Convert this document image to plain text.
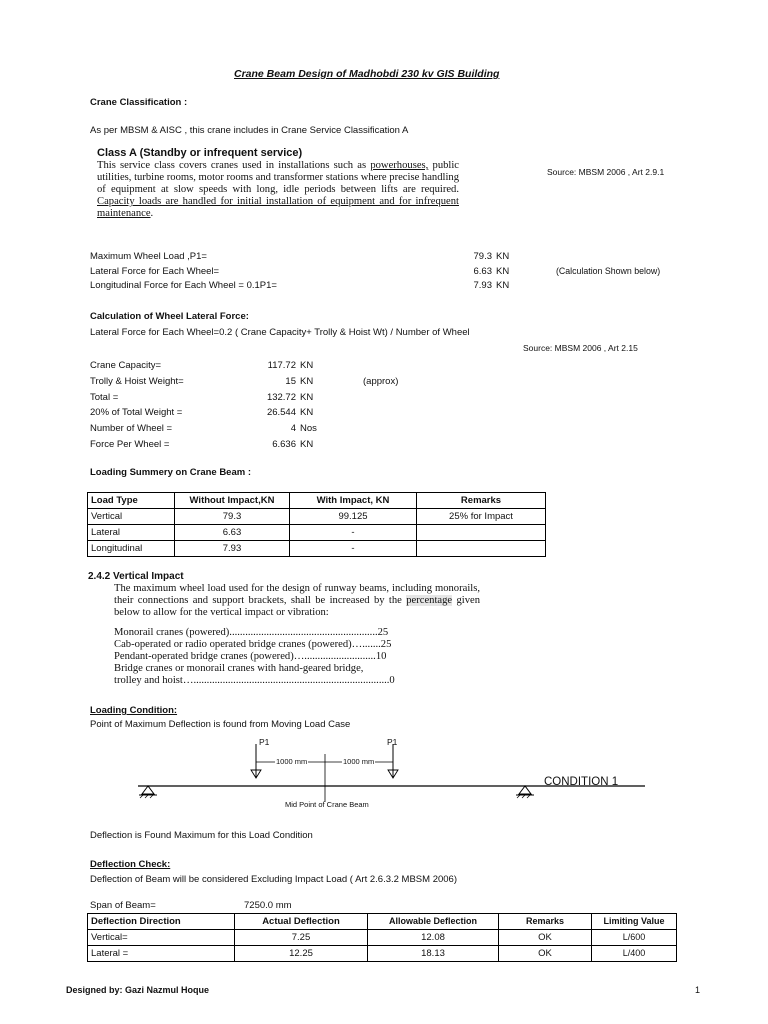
Crane Beam Design of Madhobdi 230 kv GIS Building
Crane Classification :
As per MBSM & AISC , this crane includes in Crane Service Classification A
Class A (Standby or infrequent service)
This service class covers cranes used in installations such as powerhouses, public utilities, turbine rooms, motor rooms and transformer stations where precise handling of equipment at slow speeds with long, idle periods between lifts are required. Capacity loads are handled for initial installation of equipment and for infrequent maintenance.
Source: MBSM 2006 , Art 2.9.1
Maximum Wheel Load ,P1=	79.3 KN
Lateral Force for Each Wheel=	6.63 KN	(Calculation Shown below)
Longitudinal Force for Each Wheel = 0.1P1=	7.93 KN
Calculation of Wheel Lateral Force:
Lateral Force for Each Wheel=0.2 ( Crane Capacity+ Trolly & Hoist Wt) / Number of Wheel
Source: MBSM 2006 , Art 2.15
Crane Capacity=	117.72 KN
Trolly & Hoist Weight=	15 KN	(approx)
Total =	132.72 KN
20% of Total Weight =	26.544 KN
Number of Wheel =	4 Nos
Force Per Wheel =	6.636 KN
Loading Summery on Crane Beam :
Load Type	Without Impact,KN	With Impact, KN	Remarks
Vertical	79.3	99.125	25% for Impact
Lateral	6.63	-	
Longitudinal	7.93	-	
2.4.2 Vertical Impact
The maximum wheel load used for the design of runway beams, including monorails, their connections and support brackets, shall be increased by the percentage given below to allow for the vertical impact or vibration:
Monorail cranes (powered)........................................................25
Cab-operated or radio operated bridge cranes (powered)….......25
Pendant-operated bridge cranes (powered)…...........................10
Bridge cranes or monorail cranes with hand-geared bridge,
trolley and hoist…..........................................................................0
Loading Condition:
Point of Maximum Deflection is found from Moving Load Case
P1	P1
1000 mm	1000 mm
CONDITION 1
Mid Point of Crane Beam
Deflection is Found Maximum for this Load Condition
Deflection Check:
Deflection of Beam will be considered Excluding Impact Load ( Art 2.6.3.2 MBSM 2006)
Span of Beam=	7250.0 mm
Deflection Direction	Actual Deflection	Allowable Deflection	Remarks	Limiting Value
Vertical=	7.25	12.08	OK	L/600
Lateral =	12.25	18.13	OK	L/400
Designed by: Gazi Nazmul Hoque	1
